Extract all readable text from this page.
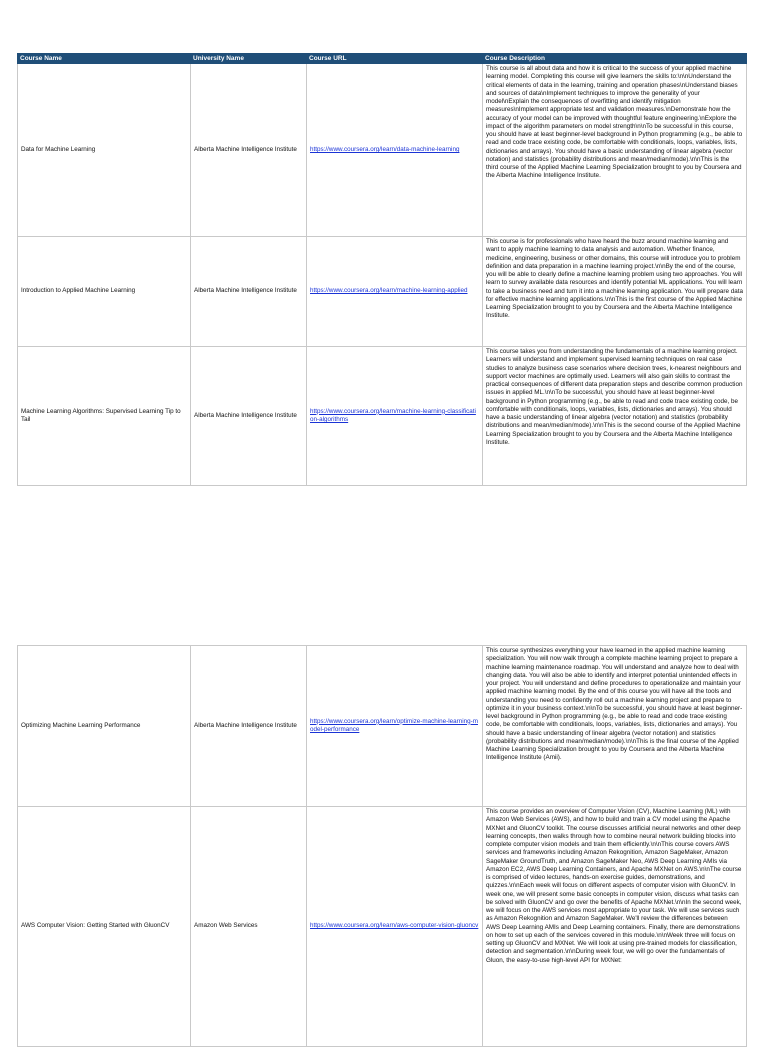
Course Name	University Name	Course URL	Course Description
Data for Machine Learning	Alberta Machine Intelligence Institute	https://www.coursera.org/learn/data-machine-learning	This course is all about data and how it is critical to the success of your applied machine learning model. Completing this course will give learners the skills to:\n\nUnderstand the critical elements of data in the learning, training and operation phases\nUnderstand biases and sources of data\nImplement techniques to improve the generality of your model\nExplain the consequences of overfitting and identify mitigation measures\nImplement appropriate test and validation measures.\nDemonstrate how the accuracy of your model can be improved with thoughtful feature engineering.\nExplore the impact of the algorithm parameters on model strength\n\nTo be successful in this course, you should have at least beginner-level background in Python programming (e.g., be able to read and code trace existing code, be comfortable with conditionals, loops, variables, lists, dictionaries and arrays). You should have a basic understanding of linear algebra (vector notation) and statistics (probability distributions and mean/median/mode).\n\nThis is the third course of the Applied Machine Learning Specialization brought to you by Coursera and the Alberta Machine Intelligence Institute.
Introduction to Applied Machine Learning	Alberta Machine Intelligence Institute	https://www.coursera.org/learn/machine-learning-applied	This course is for professionals who have heard the buzz around machine learning and want to apply machine learning to data analysis and automation. Whether finance, medicine, engineering, business or other domains, this course will introduce you to problem definition and data preparation in a machine learning project.\n\nBy the end of the course, you will be able to clearly define a machine learning problem using two approaches. You will learn to survey available data resources and identify potential ML applications. You will learn to take a business need and turn it into a machine learning application. You will prepare data for effective machine learning applications.\n\nThis is the first course of the Applied Machine Learning Specialization brought to you by Coursera and the Alberta Machine Intelligence Institute.
Machine Learning Algorithms: Supervised Learning Tip to Tail	Alberta Machine Intelligence Institute	https://www.coursera.org/learn/machine-learning-classification-algorithms	This course takes you from understanding the fundamentals of a machine learning project. Learners will understand and implement supervised learning techniques on real case studies to analyze business case scenarios where decision trees, k-nearest neighbours and support vector machines are optimally used. Learners will also gain skills to contrast the practical consequences of different data preparation steps and describe common production issues in applied ML.\n\nTo be successful, you should have at least beginner-level background in Python programming (e.g., be able to read and code trace existing code, be comfortable with conditionals, loops, variables, lists, dictionaries and arrays). You should have a basic understanding of linear algebra (vector notation) and statistics (probability distributions and mean/median/mode).\n\nThis is the second course of the Applied Machine Learning Specialization brought to you by Coursera and the Alberta Machine Intelligence Institute.
Optimizing Machine Learning Performance	Alberta Machine Intelligence Institute	https://www.coursera.org/learn/optimize-machine-learning-model-performance	This course synthesizes everything your have learned in the applied machine learning specialization. You will now walk through a complete machine learning project to prepare a machine learning maintenance roadmap. You will understand and analyze how to deal with changing data. You will also be able to identify and interpret potential unintended effects in your project. You will understand and define procedures to operationalize and maintain your applied machine learning model. By the end of this course you will have all the tools and understanding you need to confidently roll out a machine learning project and prepare to optimize it in your business context.\n\nTo be successful, you should have at least beginner-level background in Python programming (e.g., be able to read and code trace existing code, be comfortable with conditionals, loops, variables, lists, dictionaries and arrays). You should have a basic understanding of linear algebra (vector notation) and statistics (probability distributions and mean/median/mode).\n\nThis is the final course of the Applied Machine Learning Specialization brought to you by Coursera and the Alberta Machine Intelligence Institute (Amii).
AWS Computer Vision: Getting Started with GluonCV	Amazon Web Services	https://www.coursera.org/learn/aws-computer-vision-gluoncv	This course provides an overview of Computer Vision (CV), Machine Learning (ML) with Amazon Web Services (AWS), and how to build and train a CV model using the Apache MXNet and GluonCV toolkit. The course discusses artificial neural networks and other deep learning concepts, then walks through how to combine neural network building blocks into complete computer vision models and train them efficiently.\n\nThis course covers AWS services and frameworks including Amazon Rekognition, Amazon SageMaker, Amazon SageMaker GroundTruth, and Amazon SageMaker Neo, AWS Deep Learning AMIs via Amazon EC2, AWS Deep Learning Containers, and Apache MXNet on AWS.\n\nThe course is comprised of video lectures, hands-on exercise guides, demonstrations, and quizzes.\n\nEach week will focus on different aspects of computer vision with GluonCV. In week one, we will present some basic concepts in computer vision, discuss what tasks can be solved with GluonCV and go over the benefits of Apache MXNet.\n\nIn the second week, we will focus on the AWS services most appropriate to your task. We will use services such as Amazon Rekognition and Amazon SageMaker. We'll review the differences between AWS Deep Learning AMIs and Deep Learning containers. Finally, there are demonstrations on how to set up each of the services covered in this module.\n\nWeek three will focus on setting up GluonCV and MXNet. We will look at using pre-trained models for classification, detection and segmentation.\n\nDuring week four, we will go over the fundamentals of Gluon, the easy-to-use high-level API for MXNet:
